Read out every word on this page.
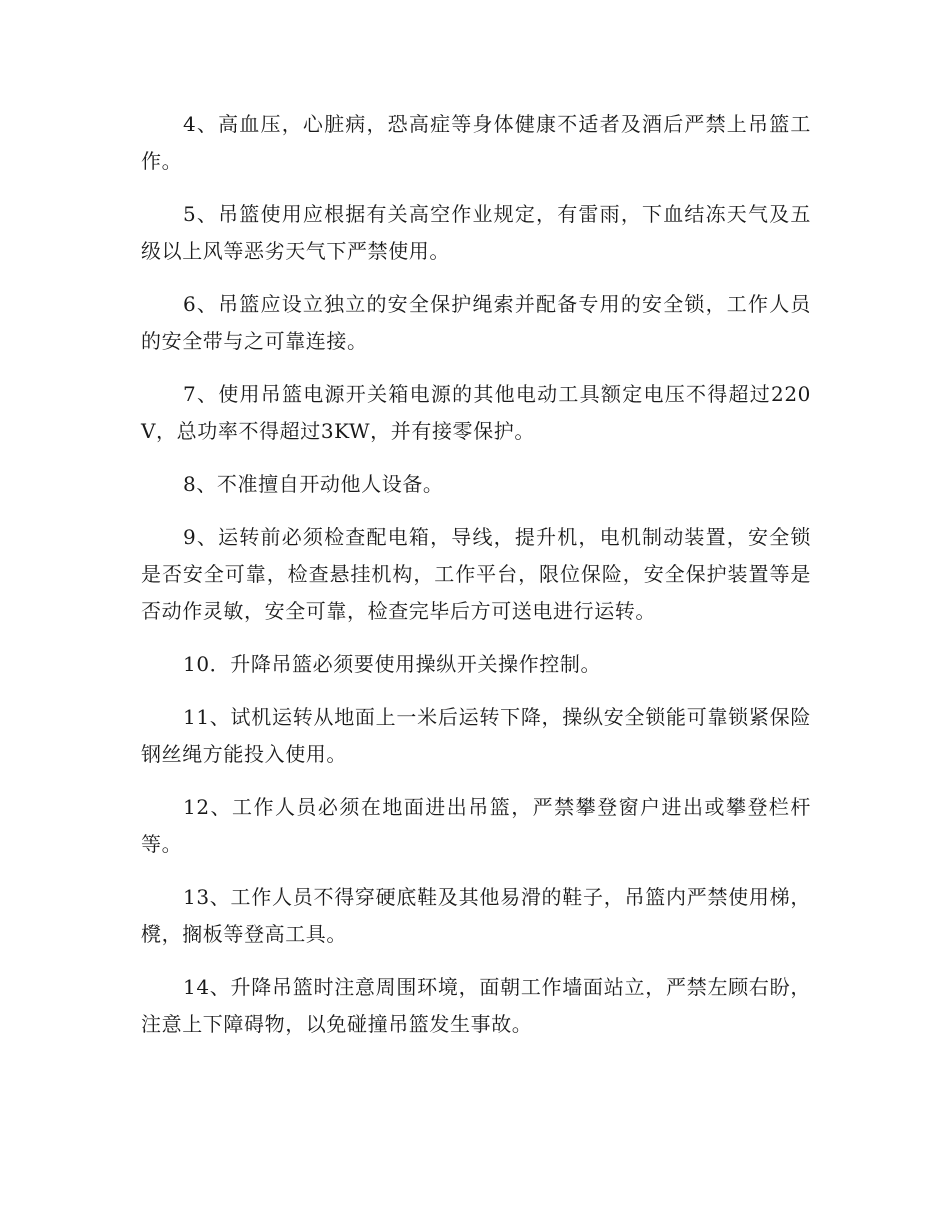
4、高血压，心脏病，恐高症等身体健康不适者及酒后严禁上吊篮工作。

5、吊篮使用应根据有关高空作业规定，有雷雨，下血结冻天气及五级以上风等恶劣天气下严禁使用。

6、吊篮应设立独立的安全保护绳索并配备专用的安全锁，工作人员的安全带与之可靠连接。

7、使用吊篮电源开关箱电源的其他电动工具额定电压不得超过220V，总功率不得超过3KW，并有接零保护。

8、不准擅自开动他人设备。

9、运转前必须检查配电箱，导线，提升机，电机制动装置，安全锁是否安全可靠，检查悬挂机构，工作平台，限位保险，安全保护装置等是否动作灵敏，安全可靠，检查完毕后方可送电进行运转。

10．升降吊篮必须要使用操纵开关操作控制。

11、试机运转从地面上一米后运转下降，操纵安全锁能可靠锁紧保险钢丝绳方能投入使用。

12、工作人员必须在地面进出吊篮，严禁攀登窗户进出或攀登栏杆等。

13、工作人员不得穿硬底鞋及其他易滑的鞋子，吊篮内严禁使用梯，櫈，搁板等登高工具。

14、升降吊篮时注意周围环境，面朝工作墙面站立，严禁左顾右盼，注意上下障碍物，以免碰撞吊篮发生事故。
